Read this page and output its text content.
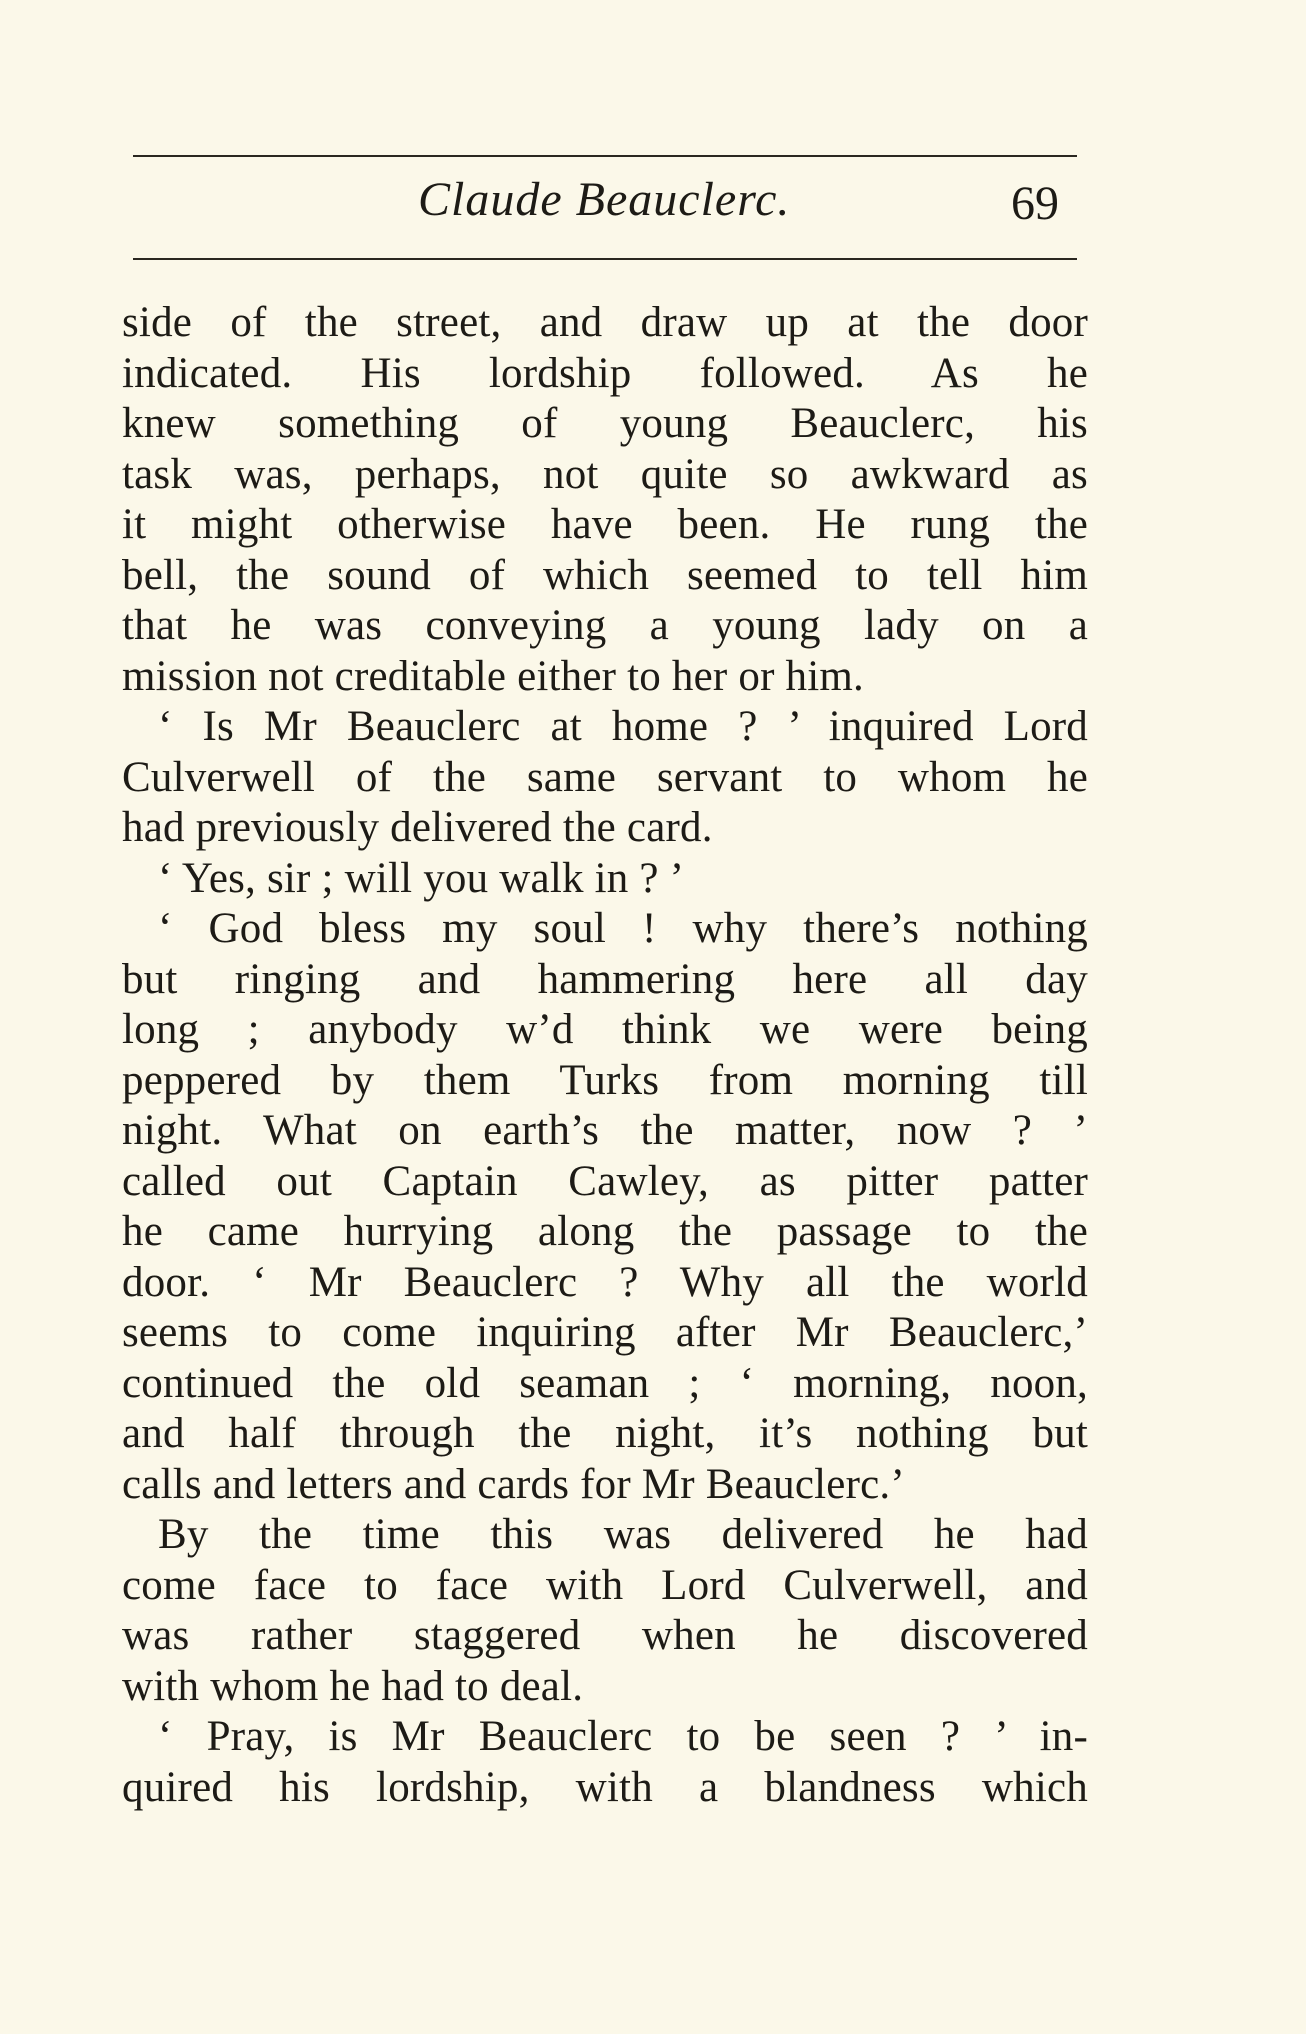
Claude Beauclerc.	69
side of the street, and draw up at the door
indicated. His lordship followed. As he
knew something of young Beauclerc, his
task was, perhaps, not quite so awkward as
it might otherwise have been. He rung the
bell, the sound of which seemed to tell him
that he was conveying a young lady on a
mission not creditable either to her or him.
‘ Is Mr Beauclerc at home ? ’ inquired Lord
Culverwell of the same servant to whom he
had previously delivered the card.
‘ Yes, sir ; will you walk in ? ’
‘ God bless my soul ! why there’s nothing
but ringing and hammering here all day
long ; anybody w’d think we were being
peppered by them Turks from morning till
night. What on earth’s the matter, now ? ’
called out Captain Cawley, as pitter patter
he came hurrying along the passage to the
door. ‘ Mr Beauclerc ? Why all the world
seems to come inquiring after Mr Beauclerc,’
continued the old seaman ; ‘ morning, noon,
and half through the night, it’s nothing but
calls and letters and cards for Mr Beauclerc.’
By the time this was delivered he had
come face to face with Lord Culverwell, and
was rather staggered when he discovered
with whom he had to deal.
‘ Pray, is Mr Beauclerc to be seen ? ’ in-
quired his lordship, with a blandness which
